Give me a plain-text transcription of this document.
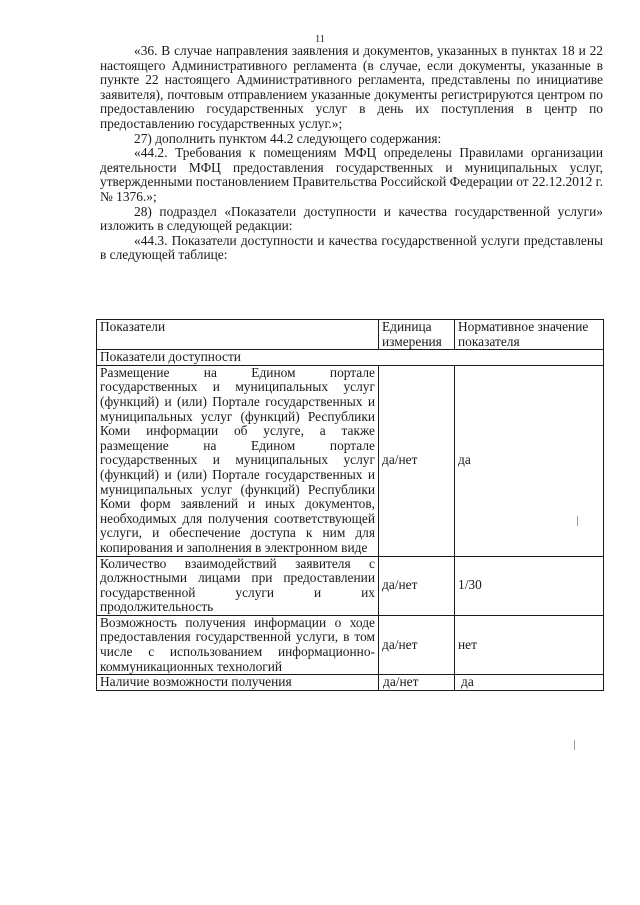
11

«36. В случае направления заявления и документов, указанных в пунктах 18 и 22 настоящего Административного регламента (в случае, если документы, указанные в пункте 22 настоящего Административного регламента, представлены по инициативе заявителя), почтовым отправлением указанные документы регистрируются центром по предоставлению государственных услуг в день их поступления в центр по предоставлению государственных услуг.»;

27) дополнить пунктом 44.2 следующего содержания:

«44.2. Требования к помещениям МФЦ определены Правилами организации деятельности МФЦ предоставления государственных и муниципальных услуг, утвержденными постановлением Правительства Российской Федерации от 22.12.2012 г. № 1376.»;

28) подраздел «Показатели доступности и качества государственной услуги» изложить в следующей редакции:

«44.3. Показатели доступности и качества государственной услуги представлены в следующей таблице:

Показатели	Единица измерения	Нормативное значение показателя
Показатели доступности		
Размещение на Едином портале государственных и муниципальных услуг (функций) и (или) Портале государственных и муниципальных услуг (функций) Республики Коми информации об услуге, а также размещение на Едином портале государственных и муниципальных услуг (функций) и (или) Портале государственных и муниципальных услуг (функций) Республики Коми форм заявлений и иных документов, необходимых для получения соответствующей услуги, и обеспечение доступа к ним для копирования и заполнения в электронном виде	да/нет	да
Количество взаимодействий заявителя с должностными лицами при предоставлении государственной услуги и их продолжительность	да/нет	1/30
Возможность получения информации о ходе предоставления государственной услуги, в том числе с использованием информационно-коммуникационных технологий	да/нет	нет
Наличие возможности получения	да/нет	да
